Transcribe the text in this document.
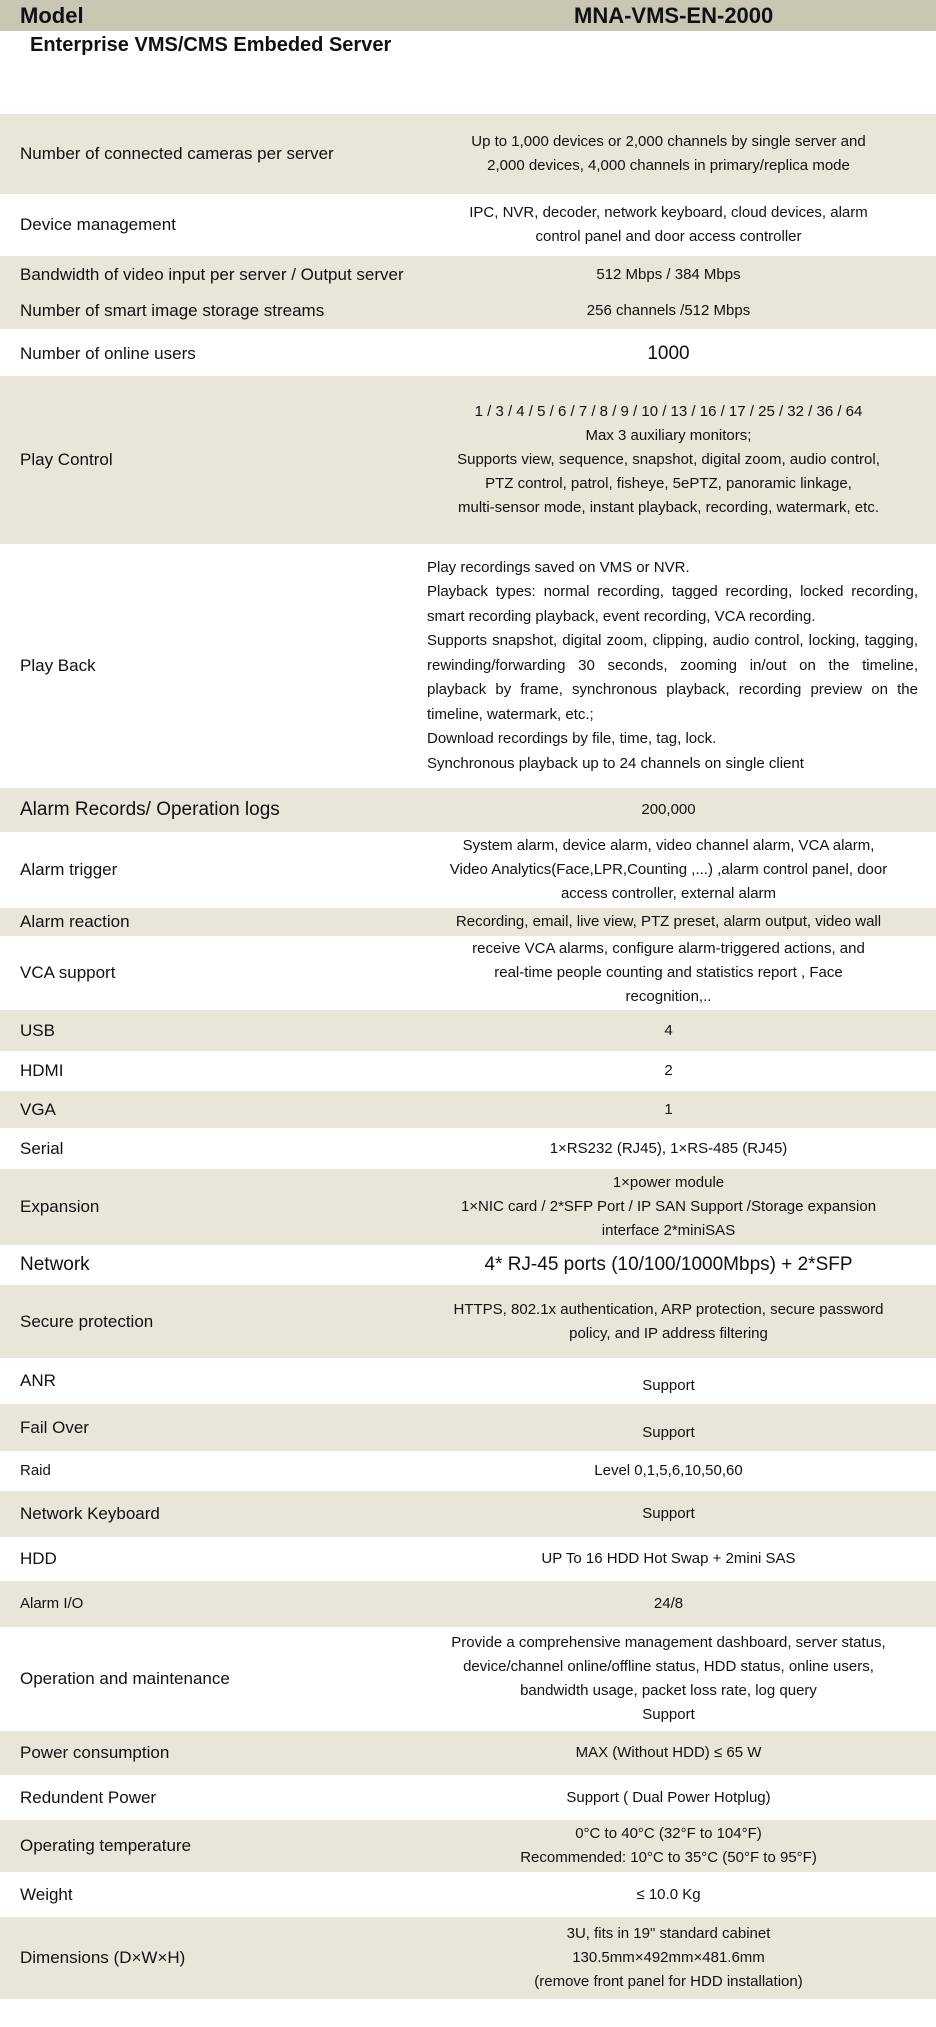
Model	MNA-VMS-EN-2000
Enterprise VMS/CMS Embeded Server
Number of connected cameras per server	Up to 1,000 devices or 2,000 channels by single server and
2,000 devices, 4,000 channels in primary/replica mode
Device management	IPC, NVR, decoder, network keyboard, cloud devices, alarm
control panel and door access controller
Bandwidth of video input per server / Output server	512 Mbps / 384 Mbps
Number of smart image storage streams	256 channels /512 Mbps

Number of online users	1000
Play Control	1 / 3 / 4 / 5 / 6 / 7 / 8 / 9 / 10 / 13 / 16 / 17 / 25 / 32 / 36 / 64
Max 3 auxiliary monitors;
Supports view, sequence, snapshot, digital zoom, audio control,
PTZ control, patrol, fisheye, 5ePTZ, panoramic linkage,
multi-sensor mode, instant playback, recording, watermark, etc.
Play Back	Play recordings saved on VMS or NVR.
Playback types: normal recording, tagged recording, locked recording, smart recording playback, event recording, VCA recording.
Supports snapshot, digital zoom, clipping, audio control, locking, tagging, rewinding/forwarding 30 seconds, zooming in/out on the timeline, playback by frame, synchronous playback, recording preview on the timeline, watermark, etc.;
Download recordings by file, time, tag, lock.
Synchronous playback up to 24 channels on single client
Alarm Records/ Operation logs	200,000
Alarm trigger	System alarm, device alarm, video channel alarm, VCA alarm,
Video Analytics(Face,LPR,Counting ,...) ,alarm control panel, door
access controller, external alarm
Alarm reaction	Recording, email, live view, PTZ preset, alarm output, video wall
VCA support	receive VCA alarms, configure alarm-triggered actions, and
real-time people counting and statistics report , Face
recognition,..
USB	4
HDMI	2
VGA	1
Serial	1×RS232 (RJ45), 1×RS-485 (RJ45)
Expansion	1×power module
1×NIC card / 2*SFP Port / IP SAN Support /Storage expansion
interface 2*miniSAS
Network	4* RJ-45 ports (10/100/1000Mbps) + 2*SFP
Secure protection	HTTPS, 802.1x authentication, ARP protection, secure password
policy, and IP address filtering
ANR	Support
Fail Over	Support
Raid	Level 0,1,5,6,10,50,60
Network Keyboard	Support
HDD	UP To 16 HDD Hot Swap + 2mini SAS
Alarm I/O	24/8
Operation and maintenance	Provide a comprehensive management dashboard, server status,
device/channel online/offline status, HDD status, online users,
bandwidth usage, packet loss rate, log query
Support
Power consumption	MAX (Without HDD) ≤ 65 W
Redundent Power	Support ( Dual Power Hotplug)
Operating temperature	0°C to 40°C (32°F to 104°F)
Recommended: 10°C to 35°C (50°F to 95°F)
Weight	≤ 10.0 Kg
Dimensions (D×W×H)	3U, fits in 19" standard cabinet
130.5mm×492mm×481.6mm
(remove front panel for HDD installation)
